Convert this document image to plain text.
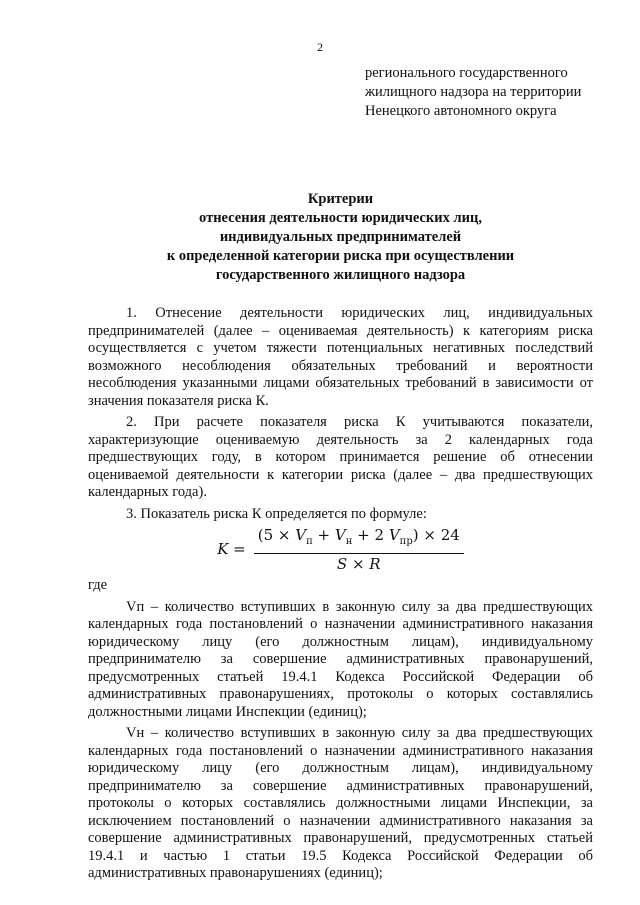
2
регионального государственного
жилищного надзора на территории
Ненецкого автономного округа
Критерии
отнесения деятельности юридических лиц,
индивидуальных предпринимателей
к определенной категории риска при осуществлении
государственного жилищного надзора

1. Отнесение деятельности юридических лиц, индивидуальных предпринимателей (далее – оцениваемая деятельность) к категориям риска осуществляется с учетом тяжести потенциальных негативных последствий возможного несоблюдения обязательных требований и вероятности несоблюдения указанными лицами обязательных требований в зависимости от значения показателя риска К.

2. При расчете показателя риска К учитываются показатели, характеризующие оцениваемую деятельность за 2 календарных года предшествующих году, в котором принимается решение об отнесении оцениваемой деятельности к категории риска (далее – два предшествующих календарных года).

3. Показатель риска К определяется по формуле:

$K = \frac{(5 \times V_п + V_н + 2 V_{пр}) \times 24}{S \times R}$

где

Vп – количество вступивших в законную силу за два предшествующих календарных года постановлений о назначении административного наказания юридическому лицу (его должностным лицам), индивидуальному предпринимателю за совершение административных правонарушений, предусмотренных статьей 19.4.1 Кодекса Российской Федерации об административных правонарушениях, протоколы о которых составлялись должностными лицами Инспекции (единиц);

Vн – количество вступивших в законную силу за два предшествующих календарных года постановлений о назначении административного наказания юридическому лицу (его должностным лицам), индивидуальному предпринимателю за совершение административных правонарушений, протоколы о которых составлялись должностными лицами Инспекции, за исключением постановлений о назначении административного наказания за совершение административных правонарушений, предусмотренных статьей 19.4.1 и частью 1 статьи 19.5 Кодекса Российской Федерации об административных правонарушениях (единиц);
